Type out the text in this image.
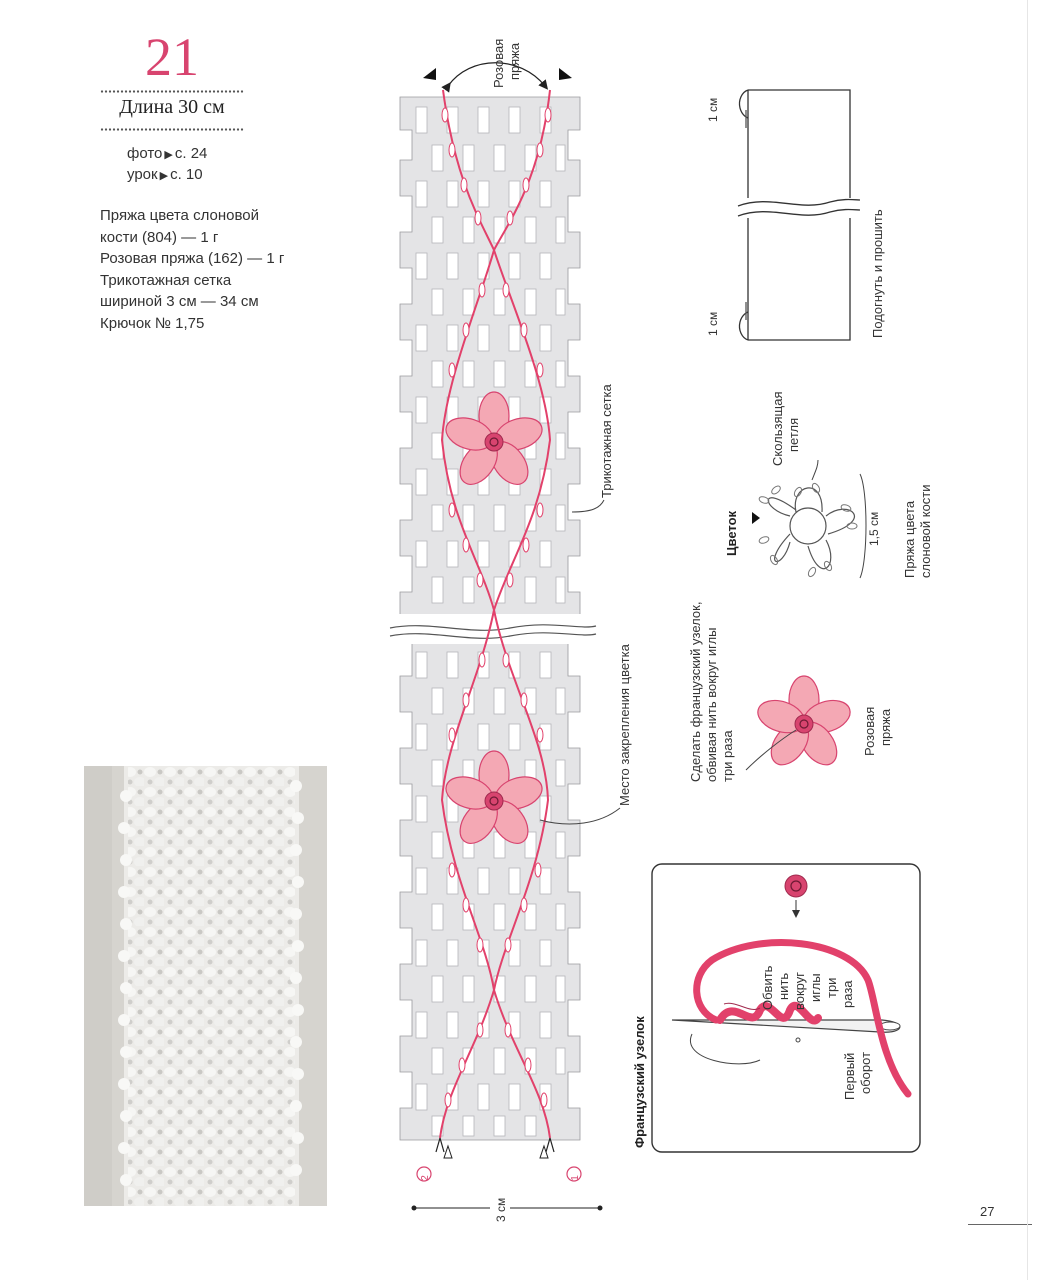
21
Длина 30 см
фото ▶ с. 24
урок ▶ с. 10
Пряжа цвета слоновой
кости (804) — 1 г
Розовая пряжа (162) — 1 г
Трикотажная сетка
шириной 3 см — 34 см
Крючок № 1,75
Розовая пряжа
Трикотажная сетка
Место закрепления цветка
2	1
3 см
1 см
1 см	Подогнуть и прошить
Цветок
Скользящая петля
1,5 см Пряжа цвета слоновой кости
Сделать французский узелок, обвивая нить вокруг иглы три раза	Розовая пряжа
Французский узелок
Обвить нить вокруг иглы три раза
Первый оборот
27
